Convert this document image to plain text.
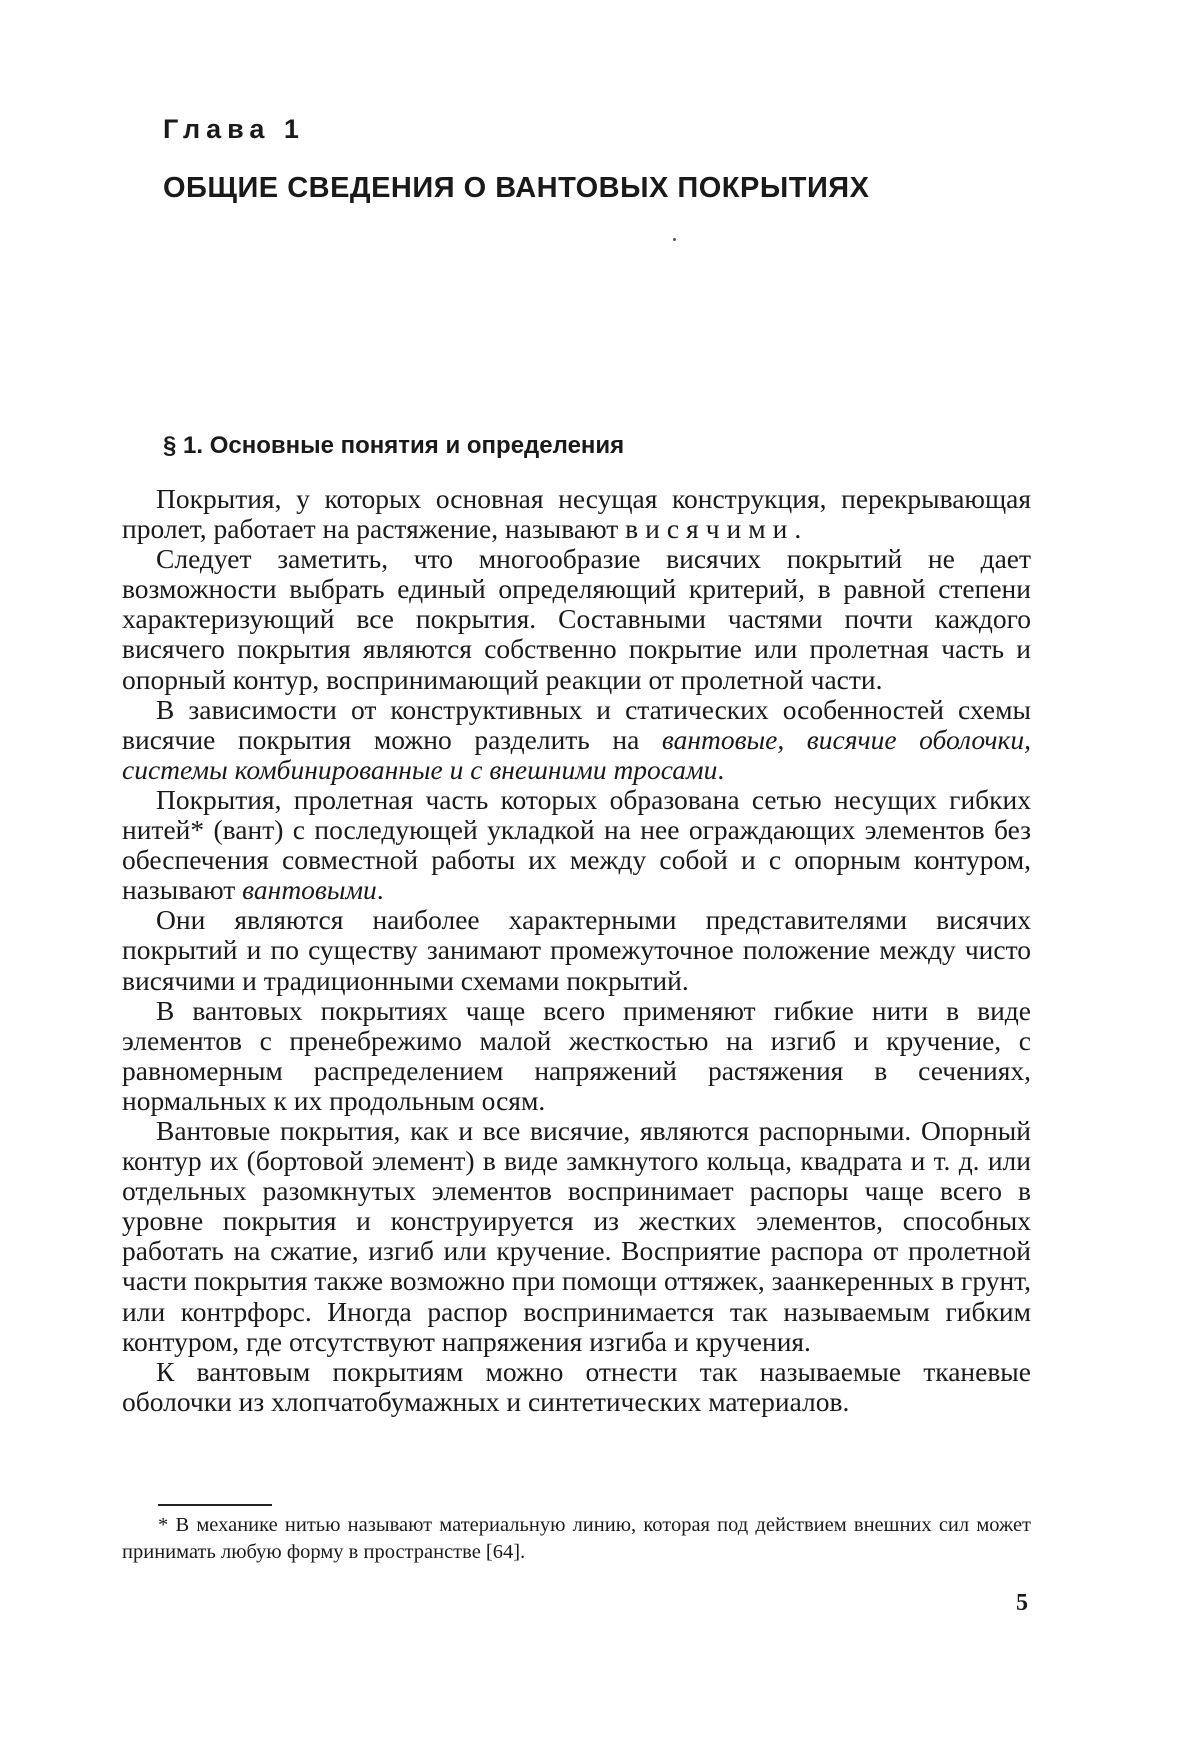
Глава 1
ОБЩИЕ СВЕДЕНИЯ О ВАНТОВЫХ ПОКРЫТИЯХ
§ 1. Основные понятия и определения

Покрытия, у которых основная несущая конструкция, перекрывающая пролет, работает на растяжение, называют висячими.

Следует заметить, что многообразие висячих покрытий не дает возможности выбрать единый определяющий критерий, в равной степени характеризующий все покрытия. Составными частями почти каждого висячего покрытия являются собственно покрытие или пролетная часть и опорный контур, воспринимающий реакции от пролетной части.

В зависимости от конструктивных и статических особенностей схемы висячие покрытия можно разделить на вантовые, висячие оболочки, системы комбинированные и с внешними тросами.

Покрытия, пролетная часть которых образована сетью несущих гибких нитей* (вант) с последующей укладкой на нее ограждающих элементов без обеспечения совместной работы их между собой и с опорным контуром, называют вантовыми.

Они являются наиболее характерными представителями висячих покрытий и по существу занимают промежуточное положение между чисто висячими и традиционными схемами покрытий.

В вантовых покрытиях чаще всего применяют гибкие нити в виде элементов с пренебрежимо малой жесткостью на изгиб и кручение, с равномерным распределением напряжений растяжения в сечениях, нормальных к их продольным осям.

Вантовые покрытия, как и все висячие, являются распорными. Опорный контур их (бортовой элемент) в виде замкнутого кольца, квадрата и т. д. или отдельных разомкнутых элементов воспринимает распоры чаще всего в уровне покрытия и конструируется из жестких элементов, способных работать на сжатие, изгиб или кручение. Восприятие распора от пролетной части покрытия также возможно при помощи оттяжек, заанкеренных в грунт, или контрфорс. Иногда распор воспринимается так называемым гибким контуром, где отсутствуют напряжения изгиба и кручения.

К вантовым покрытиям можно отнести так называемые тканевые оболочки из хлопчатобумажных и синтетических материалов.

* В механике нитью называют материальную линию, которая под действием внешних сил может принимать любую форму в пространстве [64].

5
